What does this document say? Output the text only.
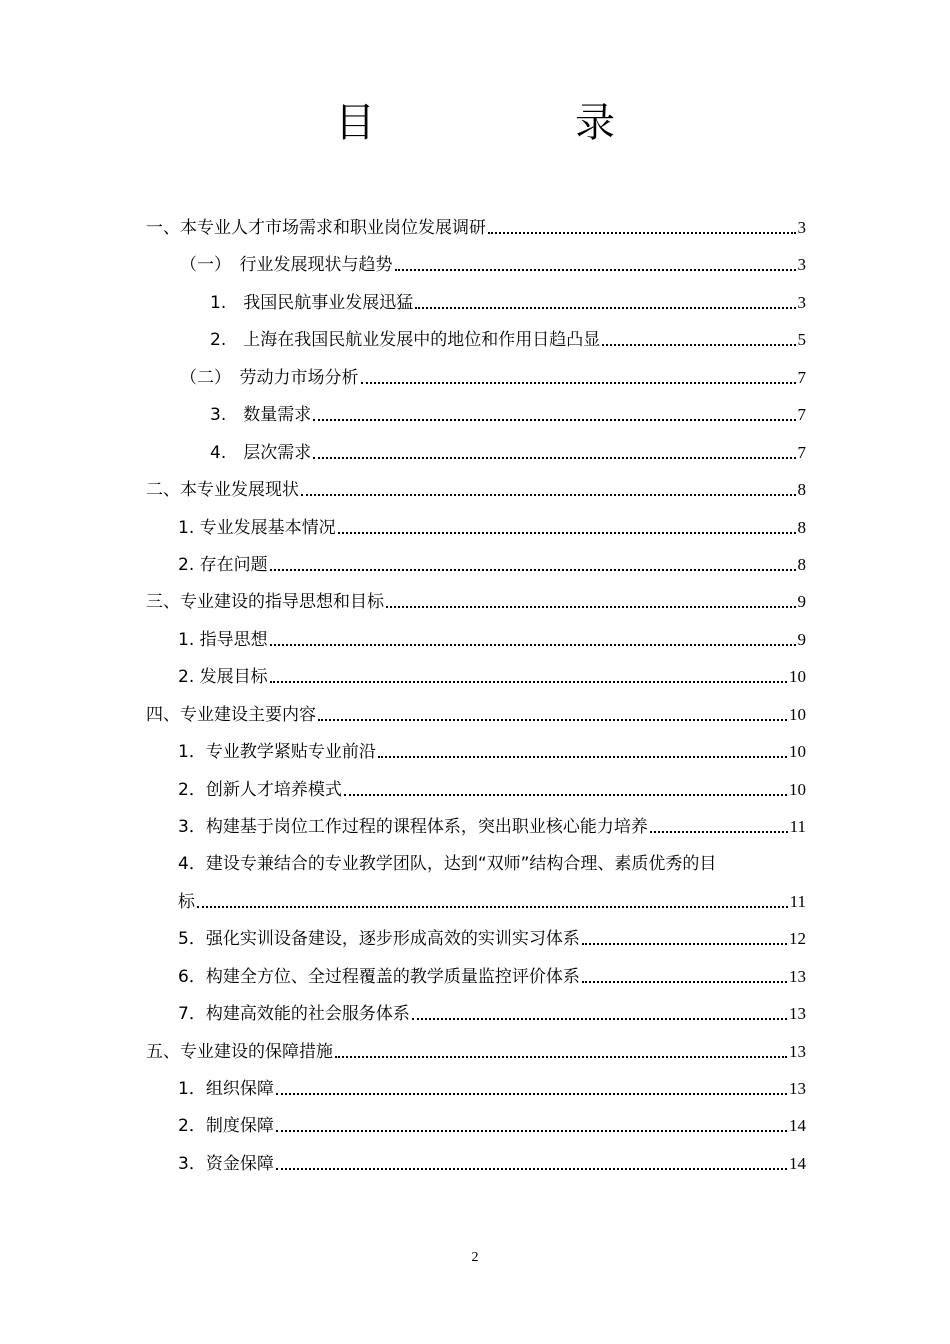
目　录
一、本专业人才市场需求和职业岗位发展调研	3
（一）　行业发展现状与趋势	3
1.　我国民航事业发展迅猛	3
2.　上海在我国民航业发展中的地位和作用日趋凸显	5
（二）　劳动力市场分析	7
3.　数量需求	7
4.　层次需求	7
二、本专业发展现状	8
1. 专业发展基本情况	8
2. 存在问题	8
三、专业建设的指导思想和目标	9
1. 指导思想	9
2. 发展目标	10
四、专业建设主要内容	10
1．专业教学紧贴专业前沿	10
2．创新人才培养模式	10
3．构建基于岗位工作过程的课程体系，突出职业核心能力培养	11
4．建设专兼结合的专业教学团队，达到“双师”结构合理、素质优秀的目
标	11
5．强化实训设备建设，逐步形成高效的实训实习体系	12
6．构建全方位、全过程覆盖的教学质量监控评价体系	13
7．构建高效能的社会服务体系	13
五、专业建设的保障措施	13
1．组织保障	13
2．制度保障	14
3．资金保障	14
2
